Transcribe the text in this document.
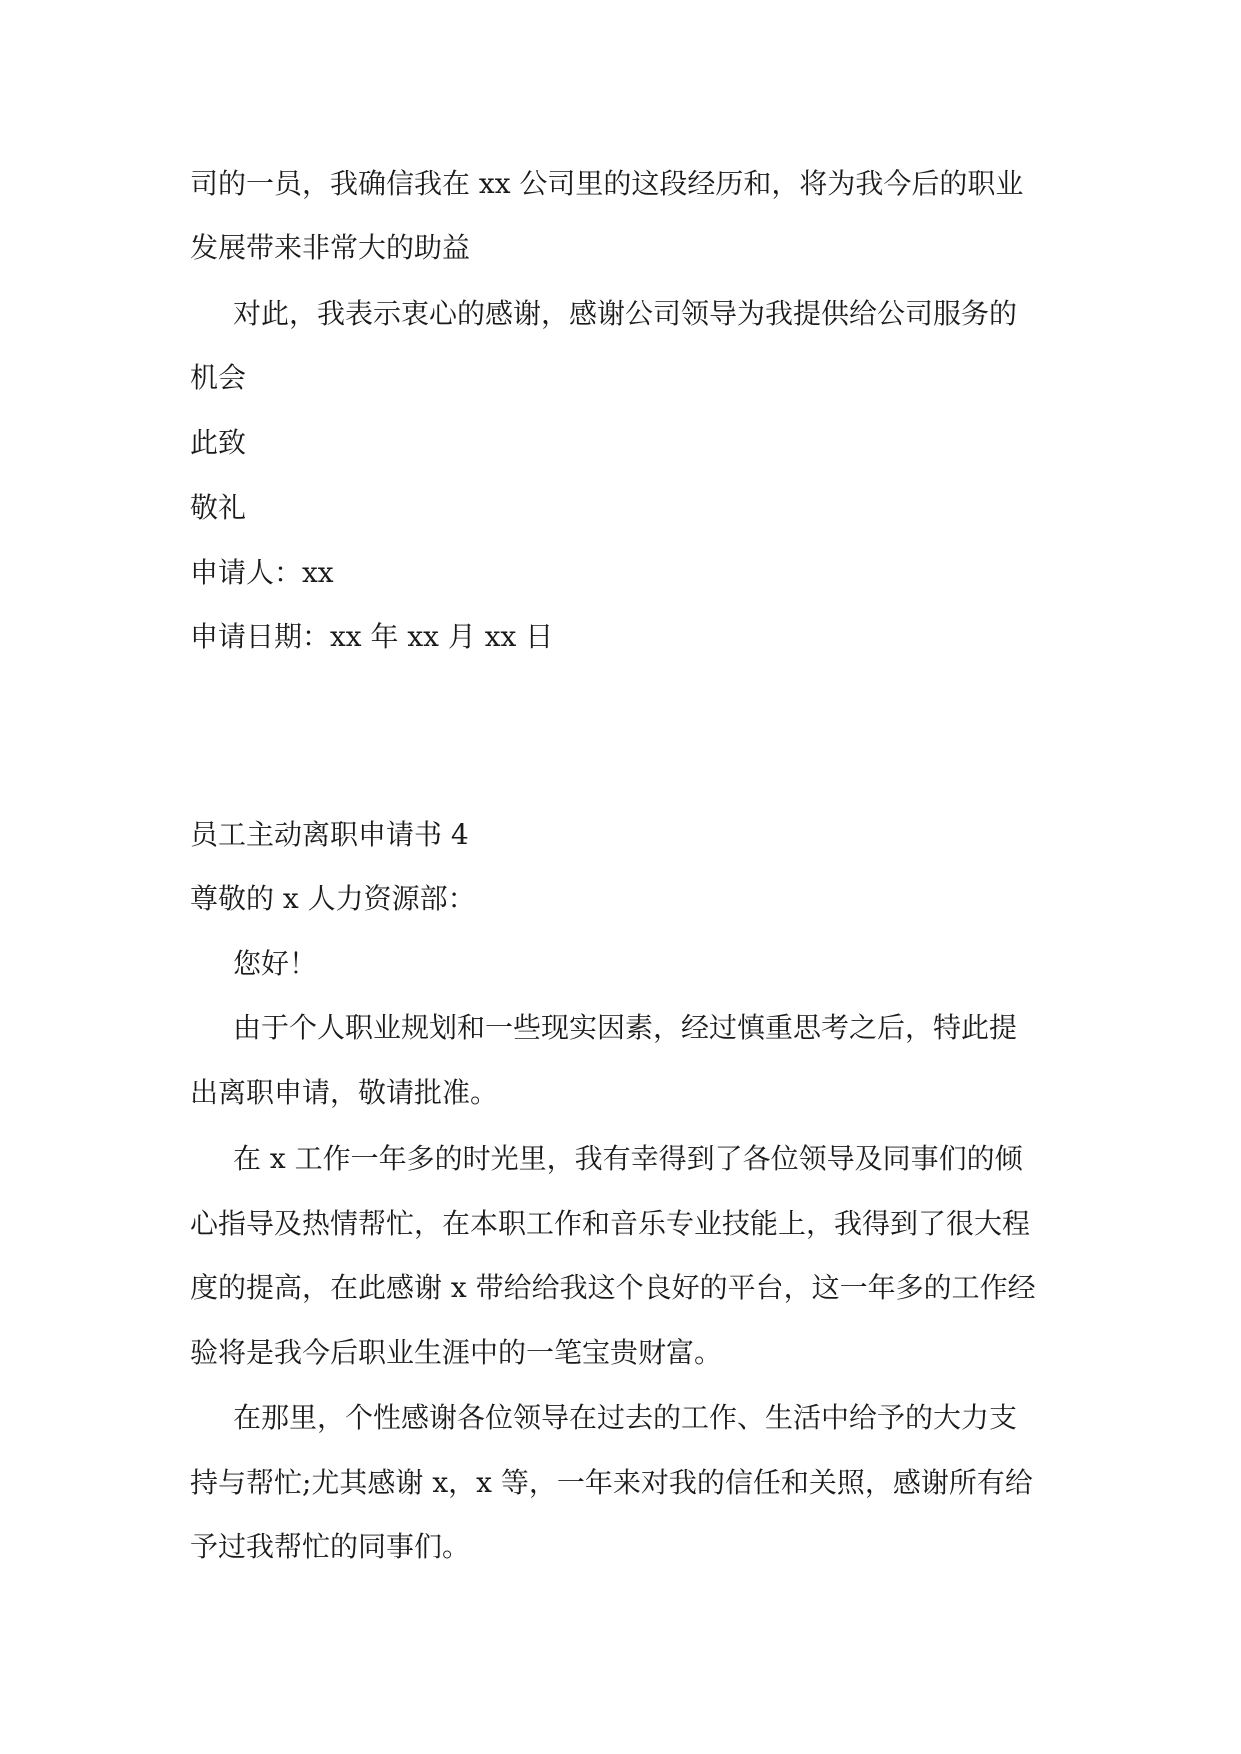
司的一员，我确信我在 xx 公司里的这段经历和，将为我今后的职业
发展带来非常大的助益
对此，我表示衷心的感谢，感谢公司领导为我提供给公司服务的
机会
此致
敬礼
申请人：xx
申请日期：xx 年 xx 月 xx 日
员工主动离职申请书 4
尊敬的 x 人力资源部：
您好！
由于个人职业规划和一些现实因素，经过慎重思考之后，特此提
出离职申请，敬请批准。
在 x 工作一年多的时光里，我有幸得到了各位领导及同事们的倾
心指导及热情帮忙，在本职工作和音乐专业技能上，我得到了很大程
度的提高，在此感谢 x 带给给我这个良好的平台，这一年多的工作经
验将是我今后职业生涯中的一笔宝贵财富。
在那里，个性感谢各位领导在过去的工作、生活中给予的大力支
持与帮忙;尤其感谢 x，x 等，一年来对我的信任和关照，感谢所有给
予过我帮忙的同事们。
